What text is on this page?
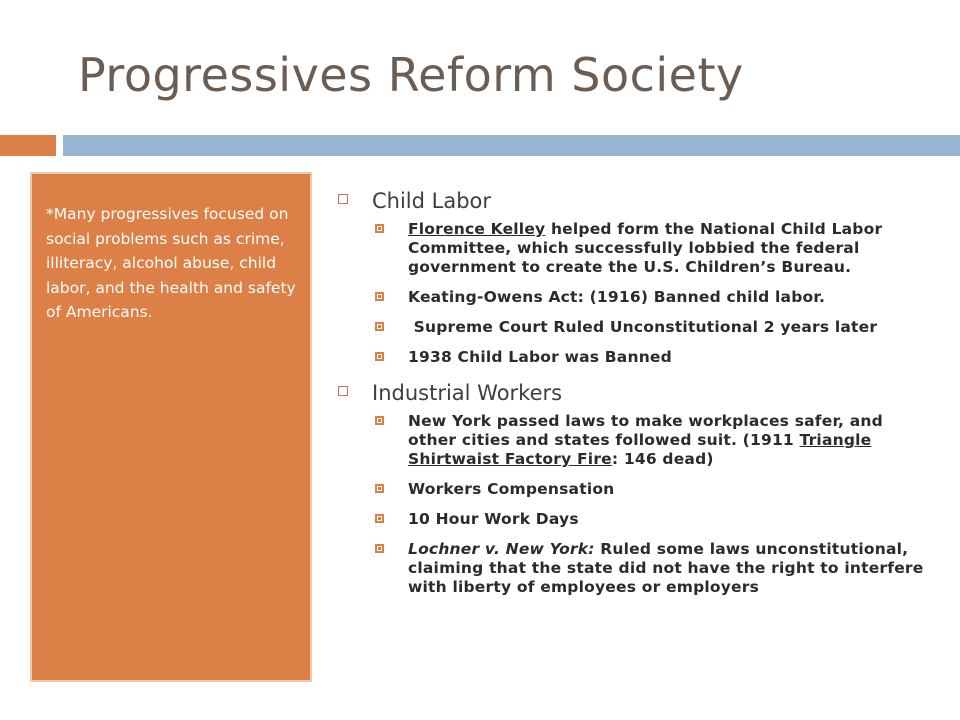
Progressives Reform Society
*Many progressives focused on social problems such as crime, illiteracy, alcohol abuse, child labor, and the health and safety of Americans.
Child Labor
Florence Kelley helped form the National Child Labor Committee, which successfully lobbied the federal government to create the U.S. Children’s Bureau.
Keating-Owens Act: (1916) Banned child labor.
Supreme Court Ruled Unconstitutional 2 years later
1938 Child Labor was Banned
Industrial Workers
New York passed laws to make workplaces safer, and other cities and states followed suit. (1911 Triangle Shirtwaist Factory Fire: 146 dead)
Workers Compensation
10 Hour Work Days
Lochner v. New York: Ruled some laws unconstitutional, claiming that the state did not have the right to interfere with liberty of employees or employers
